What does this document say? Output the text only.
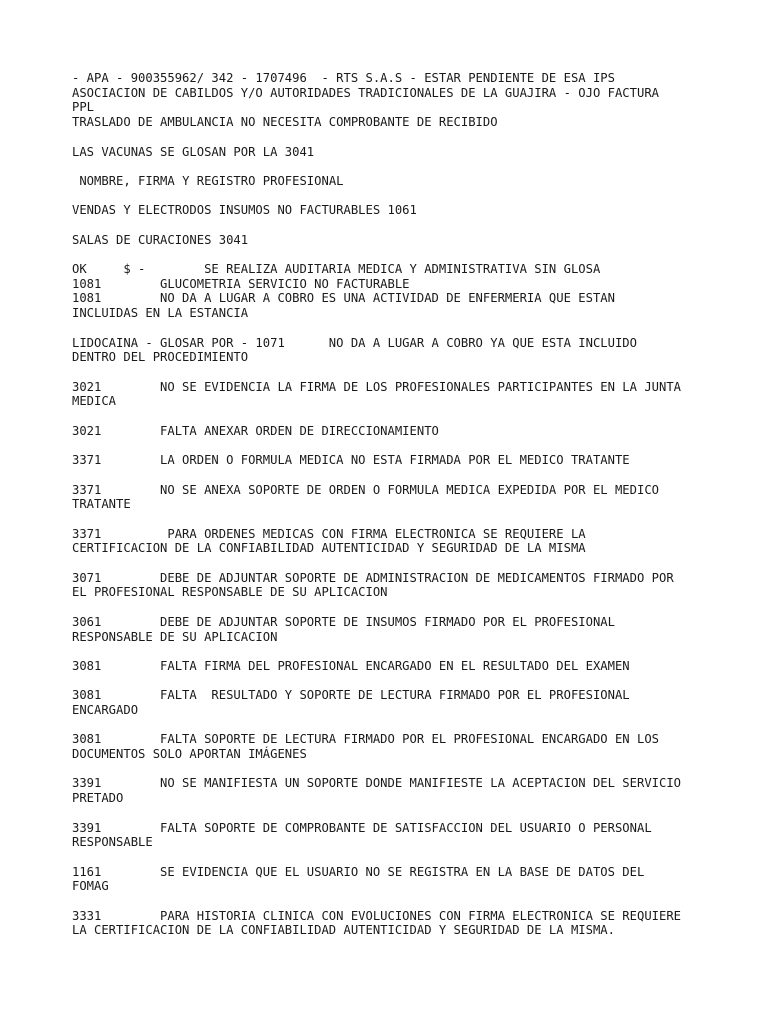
- APA - 900355962/ 342 - 1707496  - RTS S.A.S - ESTAR PENDIENTE DE ESA IPS
ASOCIACION DE CABILDOS Y/O AUTORIDADES TRADICIONALES DE LA GUAJIRA - OJO FACTURA
PPL
TRASLADO DE AMBULANCIA NO NECESITA COMPROBANTE DE RECIBIDO
LAS VACUNAS SE GLOSAN POR LA 3041
NOMBRE, FIRMA Y REGISTRO PROFESIONAL
VENDAS Y ELECTRODOS INSUMOS NO FACTURABLES 1061
SALAS DE CURACIONES 3041
OK     $ -        SE REALIZA AUDITARIA MEDICA Y ADMINISTRATIVA SIN GLOSA
1081        GLUCOMETRIA SERVICIO NO FACTURABLE
1081        NO DA A LUGAR A COBRO ES UNA ACTIVIDAD DE ENFERMERIA QUE ESTAN
INCLUIDAS EN LA ESTANCIA
LIDOCAINA - GLOSAR POR - 1071      NO DA A LUGAR A COBRO YA QUE ESTA INCLUIDO
DENTRO DEL PROCEDIMIENTO
3021        NO SE EVIDENCIA LA FIRMA DE LOS PROFESIONALES PARTICIPANTES EN LA JUNTA
MEDICA
3021        FALTA ANEXAR ORDEN DE DIRECCIONAMIENTO
3371        LA ORDEN O FORMULA MEDICA NO ESTA FIRMADA POR EL MEDICO TRATANTE
3371        NO SE ANEXA SOPORTE DE ORDEN O FORMULA MEDICA EXPEDIDA POR EL MEDICO
TRATANTE
3371         PARA ORDENES MEDICAS CON FIRMA ELECTRONICA SE REQUIERE LA
CERTIFICACION DE LA CONFIABILIDAD AUTENTICIDAD Y SEGURIDAD DE LA MISMA
3071        DEBE DE ADJUNTAR SOPORTE DE ADMINISTRACION DE MEDICAMENTOS FIRMADO POR
EL PROFESIONAL RESPONSABLE DE SU APLICACION
3061        DEBE DE ADJUNTAR SOPORTE DE INSUMOS FIRMADO POR EL PROFESIONAL
RESPONSABLE DE SU APLICACION
3081        FALTA FIRMA DEL PROFESIONAL ENCARGADO EN EL RESULTADO DEL EXAMEN
3081        FALTA  RESULTADO Y SOPORTE DE LECTURA FIRMADO POR EL PROFESIONAL
ENCARGADO
3081        FALTA SOPORTE DE LECTURA FIRMADO POR EL PROFESIONAL ENCARGADO EN LOS
DOCUMENTOS SOLO APORTAN IMÁGENES
3391        NO SE MANIFIESTA UN SOPORTE DONDE MANIFIESTE LA ACEPTACION DEL SERVICIO
PRETADO
3391        FALTA SOPORTE DE COMPROBANTE DE SATISFACCION DEL USUARIO O PERSONAL
RESPONSABLE
1161        SE EVIDENCIA QUE EL USUARIO NO SE REGISTRA EN LA BASE DE DATOS DEL
FOMAG
3331        PARA HISTORIA CLINICA CON EVOLUCIONES CON FIRMA ELECTRONICA SE REQUIERE
LA CERTIFICACION DE LA CONFIABILIDAD AUTENTICIDAD Y SEGURIDAD DE LA MISMA.
